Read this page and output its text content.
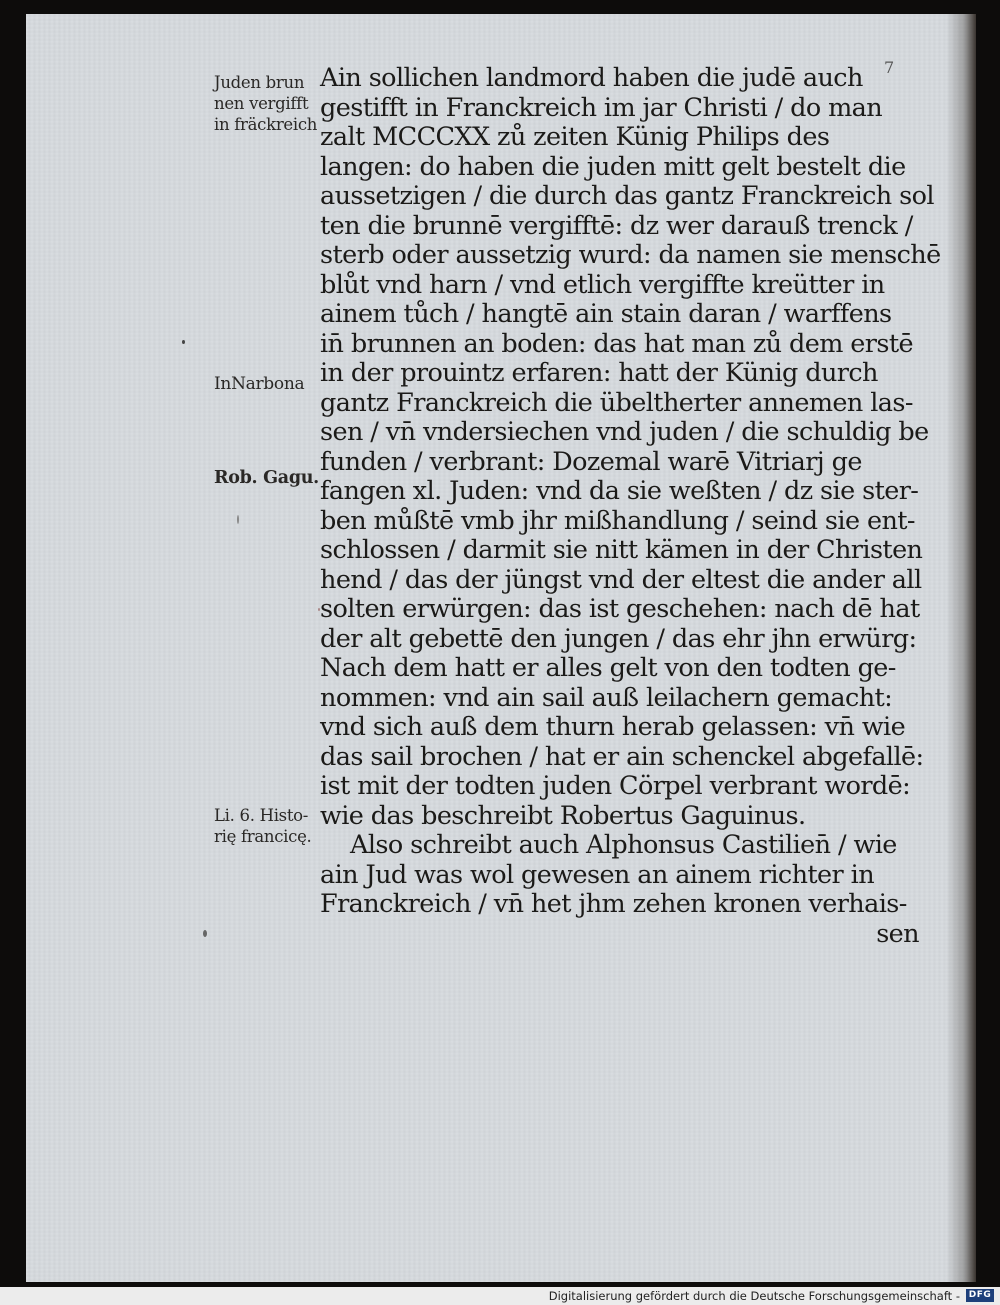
7
Juden brun
nen vergifft
in fräckreich
InNarbona
Rob. Gagu.
Li. 6. Histo-
rię francicę.
Ain sollichen landmord haben die judē auch
gestifft in Franckreich im jar Christi / do man
zalt MCCCXX zů zeiten Künig Philips des
langen: do haben die juden mitt gelt bestelt die
aussetzigen / die durch das gantz Franckreich sol
ten die brunnē vergifftē: dz wer darauß trenck /
sterb oder aussetzig wurd: da namen sie menschē
blůt vnd harn / vnd etlich vergiffte kreütter in
ainem tůch / hangtē ain stain daran / warffens
in̄ brunnen an boden: das hat man zů dem erstē
in der prouintz erfaren: hatt der Künig durch
gantz Franckreich die übeltherter annemen las-
sen / vn̄ vndersiechen vnd juden / die schuldig be
funden / verbrant: Dozemal warē Vitriarj ge
fangen xl. Juden: vnd da sie weßten / dz sie ster-
ben můßtē vmb jhr mißhandlung / seind sie ent-
schlossen / darmit sie nitt kämen in der Christen
hend / das der jüngst vnd der eltest die ander all
solten erwürgen: das ist geschehen: nach dē hat
der alt gebettē den jungen / das ehr jhn erwürg:
Nach dem hatt er alles gelt von den todten ge-
nommen: vnd ain sail auß leilachern gemacht:
vnd sich auß dem thurn herab gelassen: vn̄ wie
das sail brochen / hat er ain schenckel abgefallē:
ist mit der todten juden Cörpel verbrant wordē:
wie das beschreibt Robertus Gaguinus.
Also schreibt auch Alphonsus Castilien̄ / wie
ain Jud was wol gewesen an ainem richter in
Franckreich / vn̄ het jhm zehen kronen verhais-
sen
Digitalisierung gefördert durch die Deutsche Forschungsgemeinschaft - DFG
